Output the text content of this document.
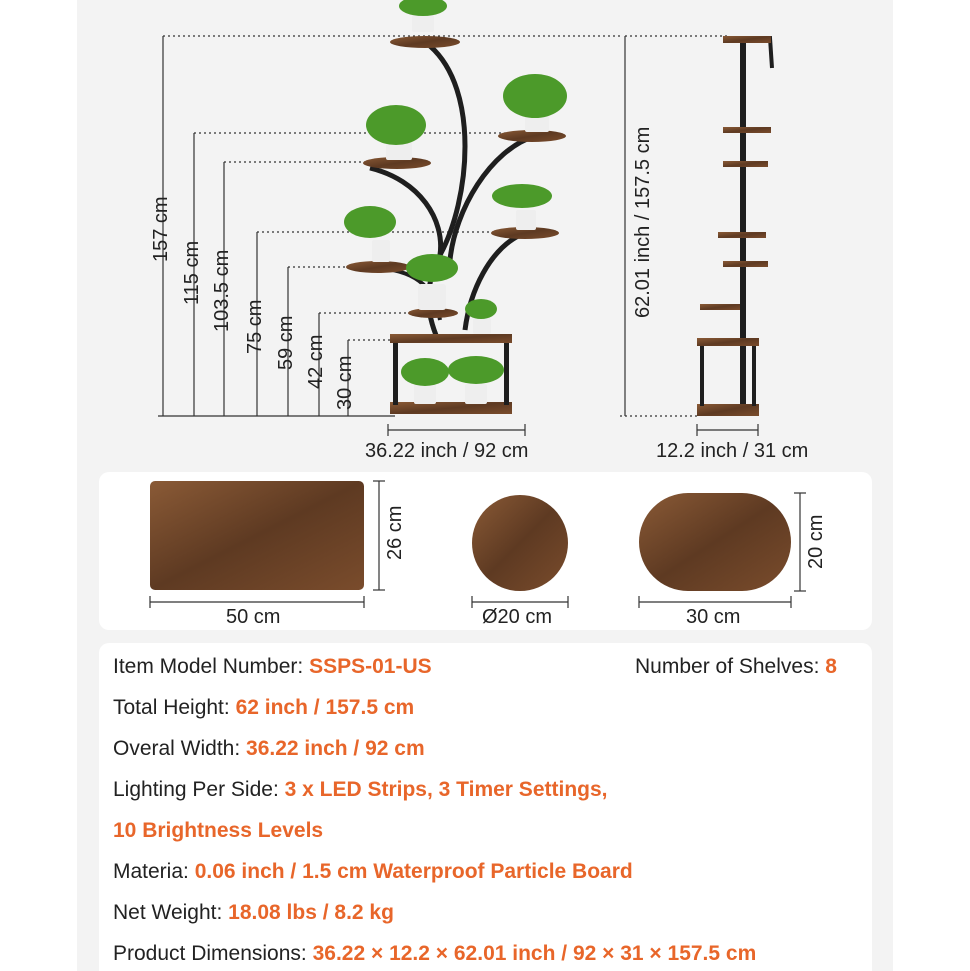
157 cm
115 cm 103.5 cm 75 cm 59 cm 42 cm 30 cm
62.01 inch / 157.5 cm
36.22 inch / 92 cm	12.2 inch / 31 cm
50 cm
26 cm
Ø20 cm	30 cm
20 cm
Item Model Number: SSPS-01-US	Number of Shelves: 8
Total Height: 62 inch / 157.5 cm
Overal Width: 36.22 inch / 92 cm
Lighting Per Side: 3 x LED Strips, 3 Timer Settings,
10 Brightness Levels
Materia: 0.06 inch / 1.5 cm Waterproof Particle Board
Net Weight: 18.08 lbs / 8.2 kg
Product Dimensions: 36.22 × 12.2 × 62.01 inch / 92 × 31 × 157.5 cm
